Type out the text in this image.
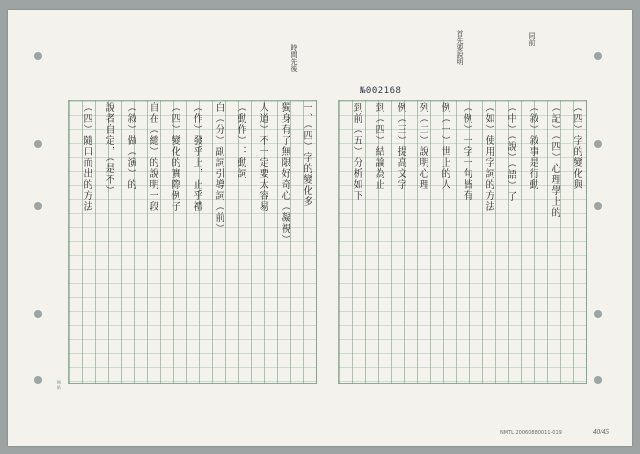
№002168
稿 紙
一、（四）字的變化多
獨身有了無限好奇心（凝視）
人道）不一定要太容易
（動作）：動詞
白（分）副詞引導詞（前）
（作）發乎上，止乎禮
（四）變化的實際例子
自在（總）的說明一段
（敘）做（演）的
說者自定，（是不）
（四）隨口而出的方法	（四）字的變化與
（記）（四）心理學上的
（敘）敘事是行動
（中）（說）（語）了
（如）使用字詞的方法
（例）一字一句皆有
例（一）世上的人
列（二）說明心理
例（三）提高文字
到（四）結論為止
到前（五）分析如下
時間先後	首先要說明	同前
NMTL 20060880011-019	40/45
